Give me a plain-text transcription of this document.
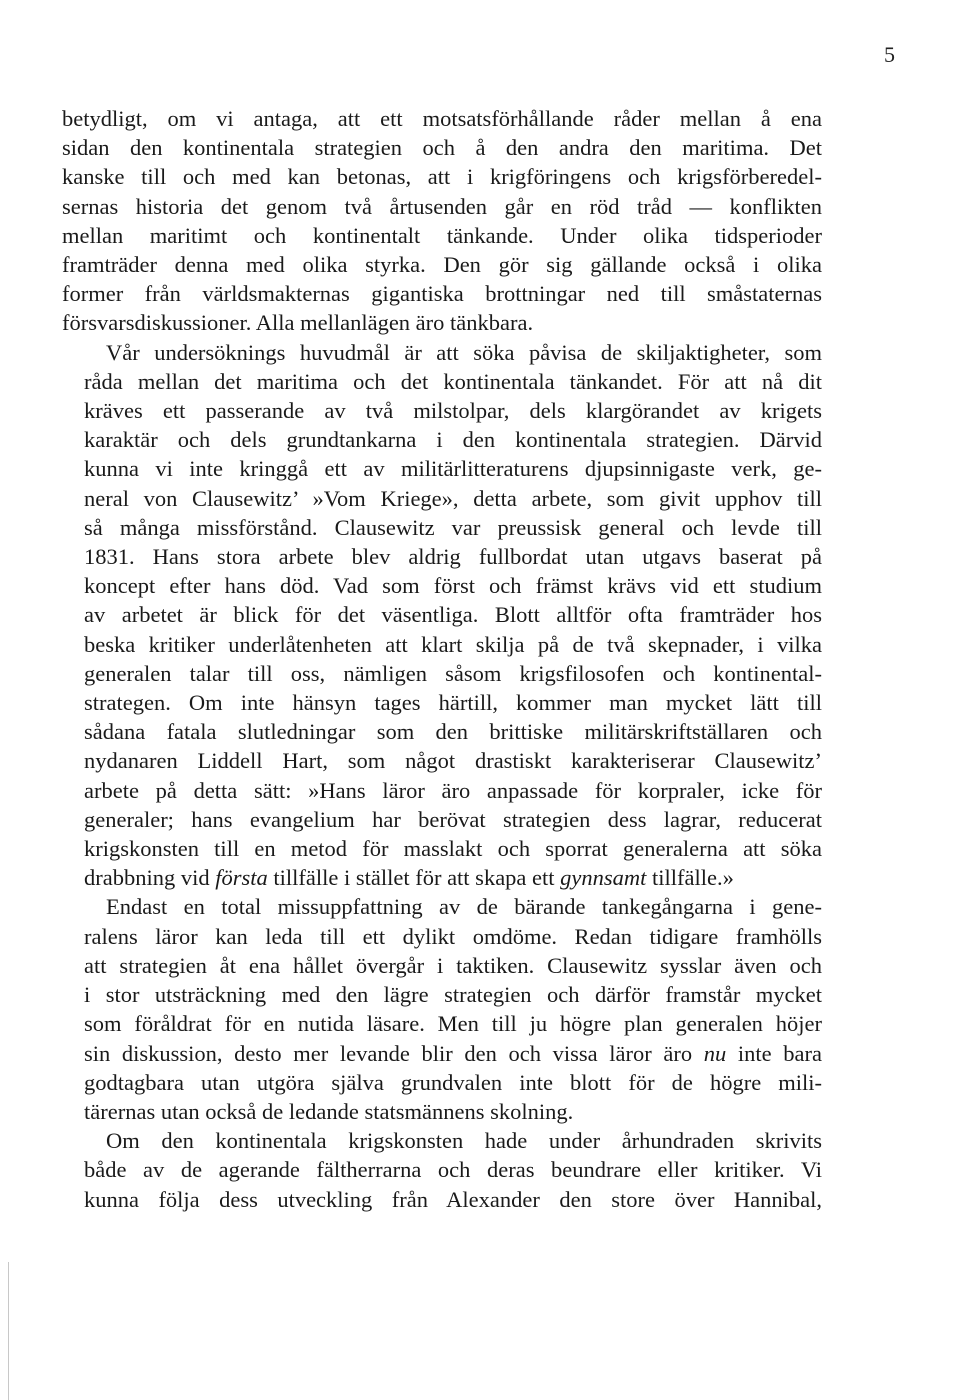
5

betydligt, om vi antaga, att ett motsatsförhållande råder mellan å ena
sidan den kontinentala strategien och å den andra den maritima. Det
kanske till och med kan betonas, att i krigföringens och krigsförberedel-
sernas historia det genom två årtusenden går en röd tråd — konflikten
mellan maritimt och kontinentalt tänkande. Under olika tidsperioder
framträder denna med olika styrka. Den gör sig gällande också i olika
former från världsmakternas gigantiska brottningar ned till småstaternas
försvarsdiskussioner. Alla mellanlägen äro tänkbara.

Vår undersöknings huvudmål är att söka påvisa de skiljaktigheter, som
råda mellan det maritima och det kontinentala tänkandet. För att nå dit
kräves ett passerande av två milstolpar, dels klargörandet av krigets
karaktär och dels grundtankarna i den kontinentala strategien. Därvid
kunna vi inte kringgå ett av militärlitteraturens djupsinnigaste verk, ge-
neral von Clausewitz’ »Vom Kriege», detta arbete, som givit upphov till
så många missförstånd. Clausewitz var preussisk general och levde till
1831. Hans stora arbete blev aldrig fullbordat utan utgavs baserat på
koncept efter hans död. Vad som först och främst krävs vid ett studium
av arbetet är blick för det väsentliga. Blott alltför ofta framträder hos
beska kritiker underlåtenheten att klart skilja på de två skepnader, i vilka
generalen talar till oss, nämligen såsom krigsfilosofen och kontinental-
strategen. Om inte hänsyn tages härtill, kommer man mycket lätt till
sådana fatala slutledningar som den brittiske militärskriftställaren och
nydanaren Liddell Hart, som något drastiskt karakteriserar Clausewitz’
arbete på detta sätt: »Hans läror äro anpassade för korpraler, icke för
generaler; hans evangelium har berövat strategien dess lagrar, reducerat
krigskonsten till en metod för masslakt och sporrat generalerna att söka
drabbning vid första tillfälle i stället för att skapa ett gynnsamt tillfälle.»

Endast en total missuppfattning av de bärande tankegångarna i gene-
ralens läror kan leda till ett dylikt omdöme. Redan tidigare framhölls
att strategien åt ena hållet övergår i taktiken. Clausewitz sysslar även och
i stor utsträckning med den lägre strategien och därför framstår mycket
som föråldrat för en nutida läsare. Men till ju högre plan generalen höjer
sin diskussion, desto mer levande blir den och vissa läror äro nu inte bara
godtagbara utan utgöra själva grundvalen inte blott för de högre mili-
tärernas utan också de ledande statsmännens skolning.

Om den kontinentala krigskonsten hade under århundraden skrivits
både av de agerande fältherrarna och deras beundrare eller kritiker. Vi
kunna följa dess utveckling från Alexander den store över Hannibal,
